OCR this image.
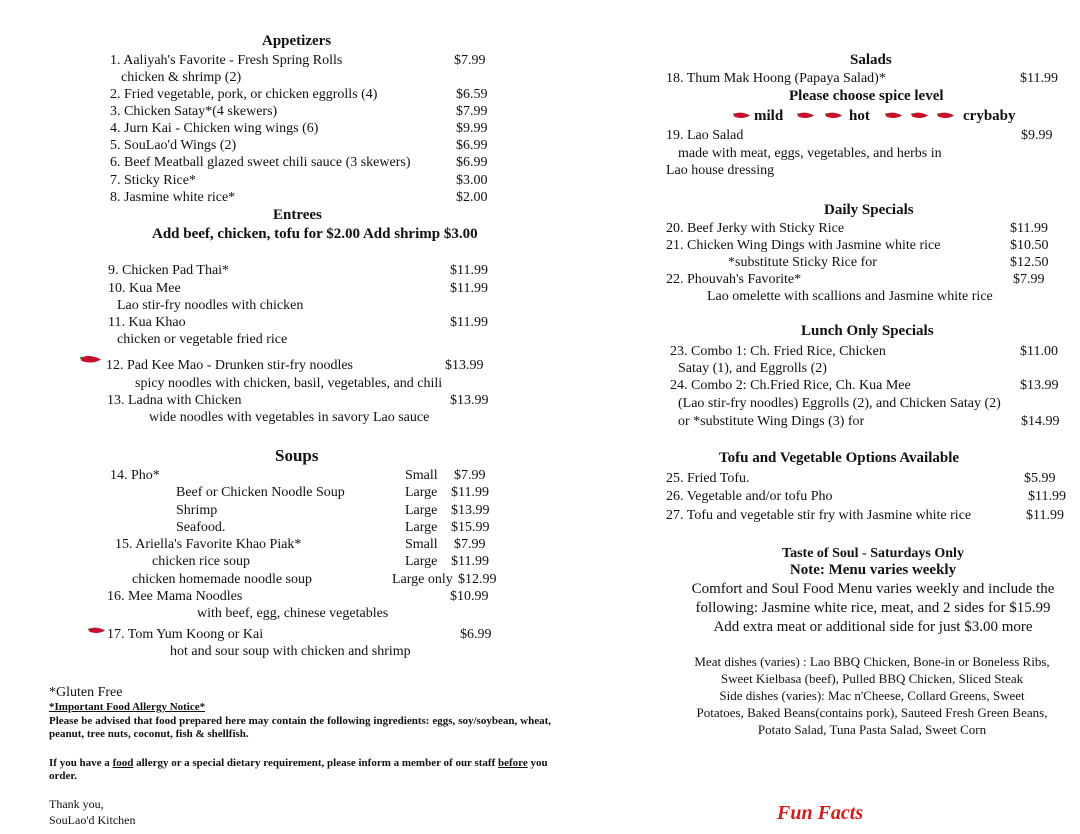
Appetizers
1. Aaliyah's Favorite - Fresh Spring Rolls	$7.99
chicken & shrimp (2)
2. Fried vegetable, pork, or chicken eggrolls (4)	$6.59
3. Chicken Satay*(4 skewers)	$7.99
4. Jurn Kai - Chicken wing wings (6)	$9.99
5. SouLao'd Wings (2)	$6.99
6. Beef Meatball glazed sweet chili sauce (3 skewers)	$6.99
7. Sticky Rice*	$3.00
8. Jasmine white rice*	$2.00
Entrees
Add beef, chicken, tofu for $2.00 Add shrimp $3.00
9. Chicken Pad Thai*	$11.99
10. Kua Mee	$11.99
Lao stir-fry noodles with chicken
11. Kua Khao	$11.99
chicken or vegetable fried rice
12. Pad Kee Mao - Drunken stir-fry noodles	$13.99
spicy noodles with chicken, basil, vegetables, and chili
13. Ladna with Chicken	$13.99
wide noodles with vegetables in savory Lao sauce
Soups
14. Pho*	Small $7.99
Beef or Chicken Noodle Soup	Large $11.99
Shrimp	Large $13.99
Seafood.	Large $15.99
15. Ariella's Favorite Khao Piak*	Small $7.99
chicken rice soup	Large $11.99
chicken homemade noodle soup	Large only $12.99
16. Mee Mama Noodles	$10.99
with beef, egg, chinese vegetables
17. Tom Yum Koong or Kai	$6.99
hot and sour soup with chicken and shrimp
*Gluten Free
*Important Food Allergy Notice*
Please be advised that food prepared here may contain the following ingredients: eggs, soy/soybean, wheat, peanut, tree nuts, coconut, fish & shellfish.
If you have a food allergy or a special dietary requirement, please inform a member of our staff before you order.
Thank you,
SouLao'd Kitchen
Salads
18. Thum Mak Hoong (Papaya Salad)*	$11.99
Please choose spice level
mild	hot	crybaby
19. Lao Salad	$9.99
made with meat, eggs, vegetables, and herbs in
Lao house dressing
Daily Specials
20. Beef Jerky with Sticky Rice	$11.99
21. Chicken Wing Dings with Jasmine white rice	$10.50
*substitute Sticky Rice for	$12.50
22. Phouvah's Favorite*	$7.99
Lao omelette with scallions and Jasmine white rice
Lunch Only Specials
23. Combo 1: Ch. Fried Rice, Chicken	$11.00
Satay (1), and Eggrolls (2)
24. Combo 2: Ch.Fried Rice, Ch. Kua Mee	$13.99
(Lao stir-fry noodles) Eggrolls (2), and Chicken Satay (2)
or *substitute Wing Dings (3) for	$14.99
Tofu and Vegetable Options Available
25. Fried Tofu.	$5.99
26. Vegetable and/or tofu Pho	$11.99
27. Tofu and vegetable stir fry with Jasmine white rice	$11.99
Taste of Soul - Saturdays Only
Note: Menu varies weekly
Comfort and Soul Food Menu varies weekly and include the
following: Jasmine white rice, meat, and 2 sides for $15.99
Add extra meat or additional side for just $3.00 more
Meat dishes (varies) : Lao BBQ Chicken, Bone-in or Boneless Ribs,
Sweet Kielbasa (beef), Pulled BBQ Chicken, Sliced Steak
Side dishes (varies): Mac n'Cheese, Collard Greens, Sweet
Potatoes, Baked Beans(contains pork), Sauteed Fresh Green Beans,
Potato Salad, Tuna Pasta Salad, Sweet Corn
Fun Facts
